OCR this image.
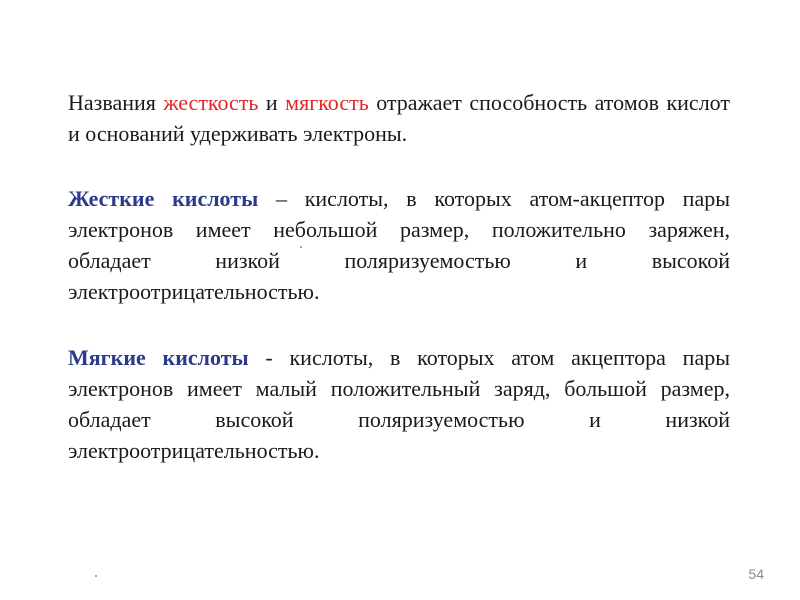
Названия жесткость и мягкость отражает способность атомов кислот и оснований удерживать электроны.
Жесткие кислоты – кислоты, в которых атом-акцептор пары электронов имеет небольшой размер, положительно заряжен, обладает низкой поляризуемостью и высокой электроотрицательностью.
Мягкие кислоты - кислоты, в которых атом акцептора пары электронов имеет малый положительный заряд, большой размер, обладает высокой поляризуемостью и низкой электроотрицательностью.
54
